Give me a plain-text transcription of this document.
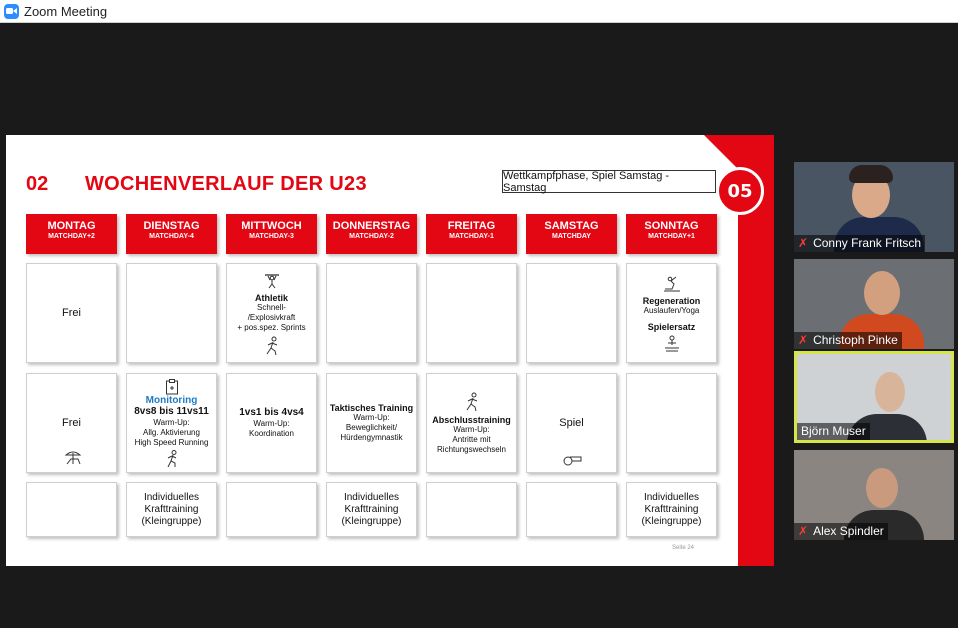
Zoom Meeting
05
02 WOCHENVERLAUF DER U23	Wettkampfphase, Spiel Samstag - Samstag
MONTAG
MATCHDAY+2
DIENSTAG
MATCHDAY-4
MITTWOCH
MATCHDAY-3
DONNERSTAG
MATCHDAY-2
FREITAG
MATCHDAY-1
SAMSTAG
MATCHDAY
SONNTAG
MATCHDAY+1
Frei
Athletik
Schnell-
/Explosivkraft
+ pos.spez. Sprints
Regeneration
Auslaufen/Yoga
Spielersatz
Frei
Monitoring
8vs8 bis 11vs11
Warm-Up:
Allg. Aktivierung
High Speed Running
1vs1 bis 4vs4
Warm-Up:
Koordination
Taktisches Training
Warm-Up:
Beweglichkeit/
Hürdengymnastik
Abschlusstraining
Warm-Up:
Antritte mit
Richtungswechseln
Spiel
Individuelles
Krafttraining
(Kleingruppe)
Individuelles
Krafttraining
(Kleingruppe)
Individuelles
Krafttraining
(Kleingruppe)
Seite 24
✗ Conny Frank Fritsch
✗ Christoph Pinke
Björn Muser
✗ Alex Spindler
